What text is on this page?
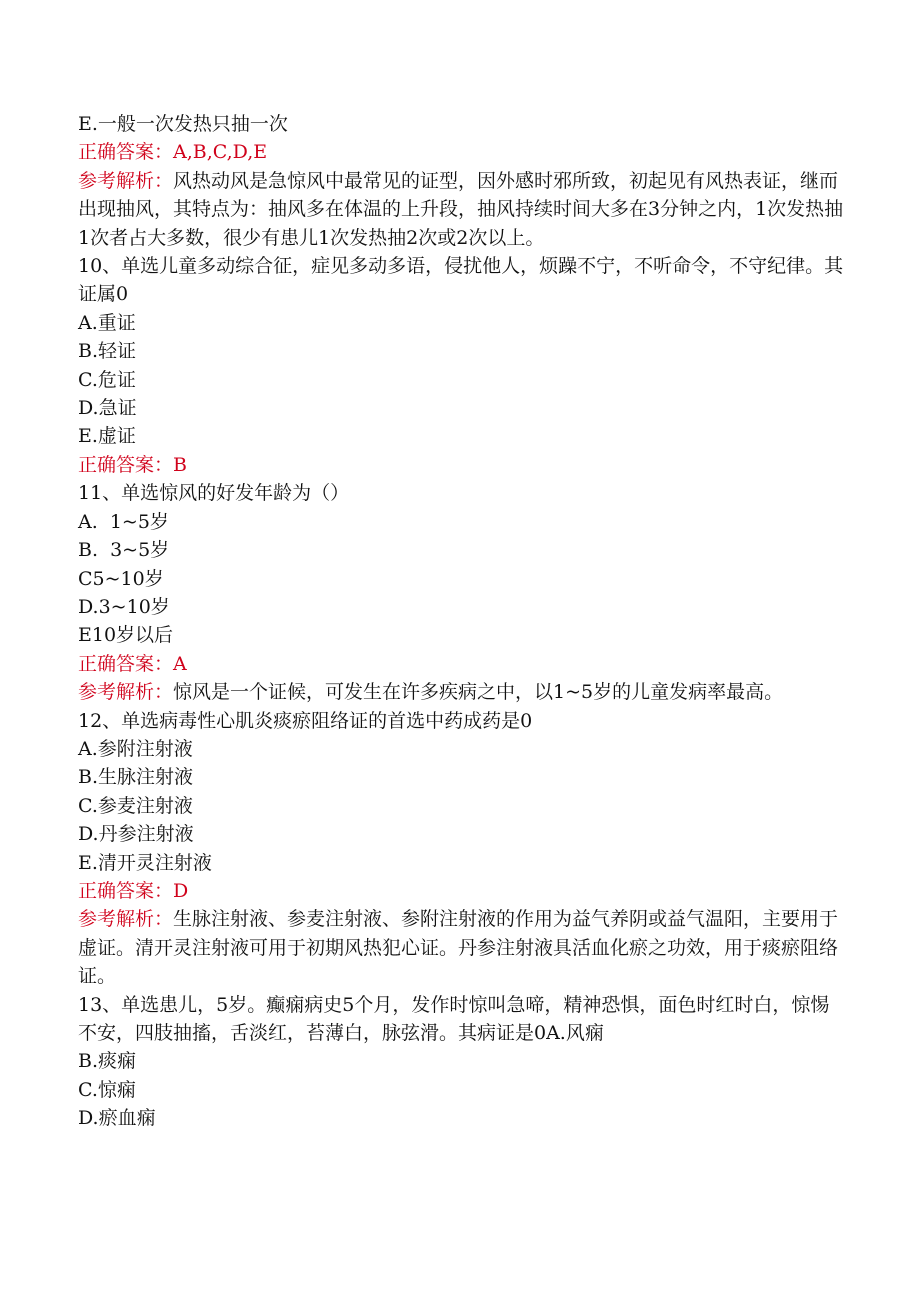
E.一般一次发热只抽一次

正确答案：A,B,C,D,E

参考解析：风热动风是急惊风中最常见的证型，因外感时邪所致，初起见有风热表证，继而出现抽风，其特点为：抽风多在体温的上升段，抽风持续时间大多在3分钟之内，1次发热抽1次者占大多数，很少有患儿1次发热抽2次或2次以上。

10、单选儿童多动综合征，症见多动多语，侵扰他人，烦躁不宁，不听命令，不守纪律。其证属0

A.重证

B.轻证

C.危证

D.急证

E.虚证

正确答案：B

11、单选惊风的好发年龄为（）

A.  1~5岁

B.  3~5岁

C5~10岁

D.3~10岁

E10岁以后

正确答案：A

参考解析：惊风是一个证候，可发生在许多疾病之中，以1~5岁的儿童发病率最高。

12、单选病毒性心肌炎痰瘀阻络证的首选中药成药是0

A.参附注射液

B.生脉注射液

C.参麦注射液

D.丹参注射液

E.清开灵注射液

正确答案：D

参考解析：生脉注射液、参麦注射液、参附注射液的作用为益气养阴或益气温阳，主要用于虚证。清开灵注射液可用于初期风热犯心证。丹参注射液具活血化瘀之功效，用于痰瘀阻络证。

13、单选患儿，5岁。癫痫病史5个月，发作时惊叫急啼，精神恐惧，面色时红时白，惊惕不安，四肢抽搐，舌淡红，苔薄白，脉弦滑。其病证是0A.风痫

B.痰痫

C.惊痫

D.瘀血痫
